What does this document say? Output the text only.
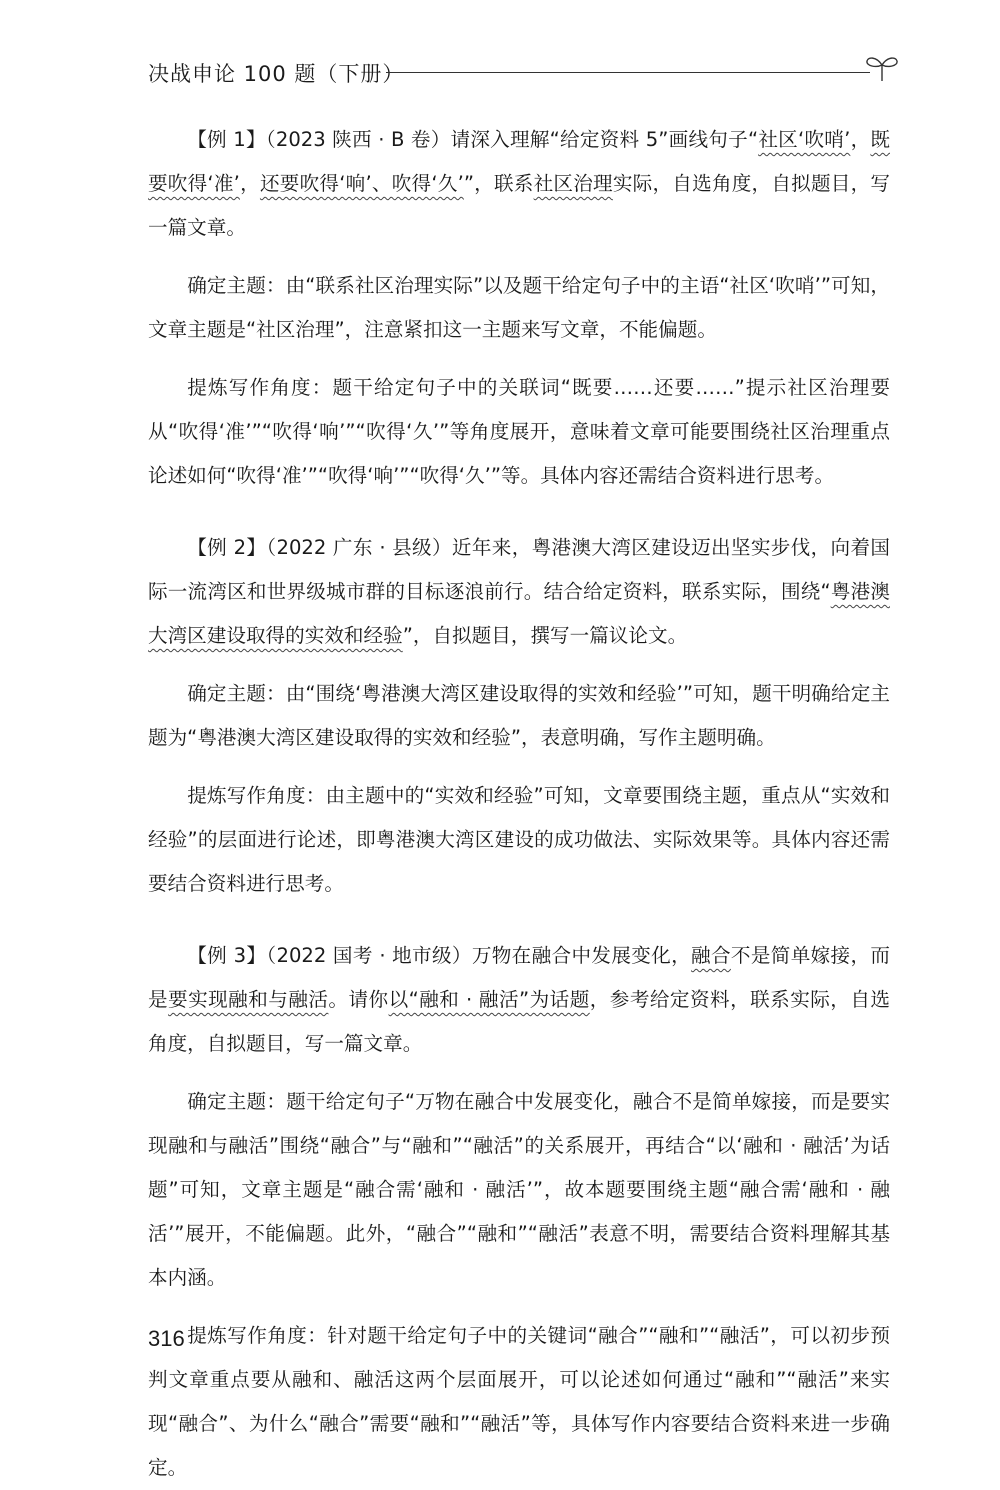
决战申论 100 题（下册）

【例 1】（2023 陕西 · B 卷）请深入理解“给定资料 5”画线句子“社区‘吹哨’，既要吹得‘准’，还要吹得‘响’、吹得‘久’”，联系社区治理实际，自选角度，自拟题目，写一篇文章。

确定主题：由“联系社区治理实际”以及题干给定句子中的主语“社区‘吹哨’”可知，文章主题是“社区治理”，注意紧扣这一主题来写文章，不能偏题。

提炼写作角度：题干给定句子中的关联词“既要……还要……”提示社区治理要从“吹得‘准’”“吹得‘响’”“吹得‘久’”等角度展开，意味着文章可能要围绕社区治理重点论述如何“吹得‘准’”“吹得‘响’”“吹得‘久’”等。具体内容还需结合资料进行思考。

【例 2】（2022 广东 · 县级）近年来，粤港澳大湾区建设迈出坚实步伐，向着国际一流湾区和世界级城市群的目标逐浪前行。结合给定资料，联系实际，围绕“粤港澳大湾区建设取得的实效和经验”，自拟题目，撰写一篇议论文。

确定主题：由“围绕‘粤港澳大湾区建设取得的实效和经验’”可知，题干明确给定主题为“粤港澳大湾区建设取得的实效和经验”，表意明确，写作主题明确。

提炼写作角度：由主题中的“实效和经验”可知，文章要围绕主题，重点从“实效和经验”的层面进行论述，即粤港澳大湾区建设的成功做法、实际效果等。具体内容还需要结合资料进行思考。

【例 3】（2022 国考 · 地市级）万物在融合中发展变化，融合不是简单嫁接，而是要实现融和与融活。请你以“融和 · 融活”为话题，参考给定资料，联系实际，自选角度，自拟题目，写一篇文章。

确定主题：题干给定句子“万物在融合中发展变化，融合不是简单嫁接，而是要实现融和与融活”围绕“融合”与“融和”“融活”的关系展开，再结合“以‘融和 · 融活’为话题”可知，文章主题是“融合需‘融和 · 融活’”，故本题要围绕主题“融合需‘融和 · 融活’”展开，不能偏题。此外，“融合”“融和”“融活”表意不明，需要结合资料理解其基本内涵。

提炼写作角度：针对题干给定句子中的关键词“融合”“融和”“融活”，可以初步预判文章重点要从融和、融活这两个层面展开，可以论述如何通过“融和”“融活”来实现“融合”、为什么“融合”需要“融和”“融活”等，具体写作内容要结合资料来进一步确定。

316
